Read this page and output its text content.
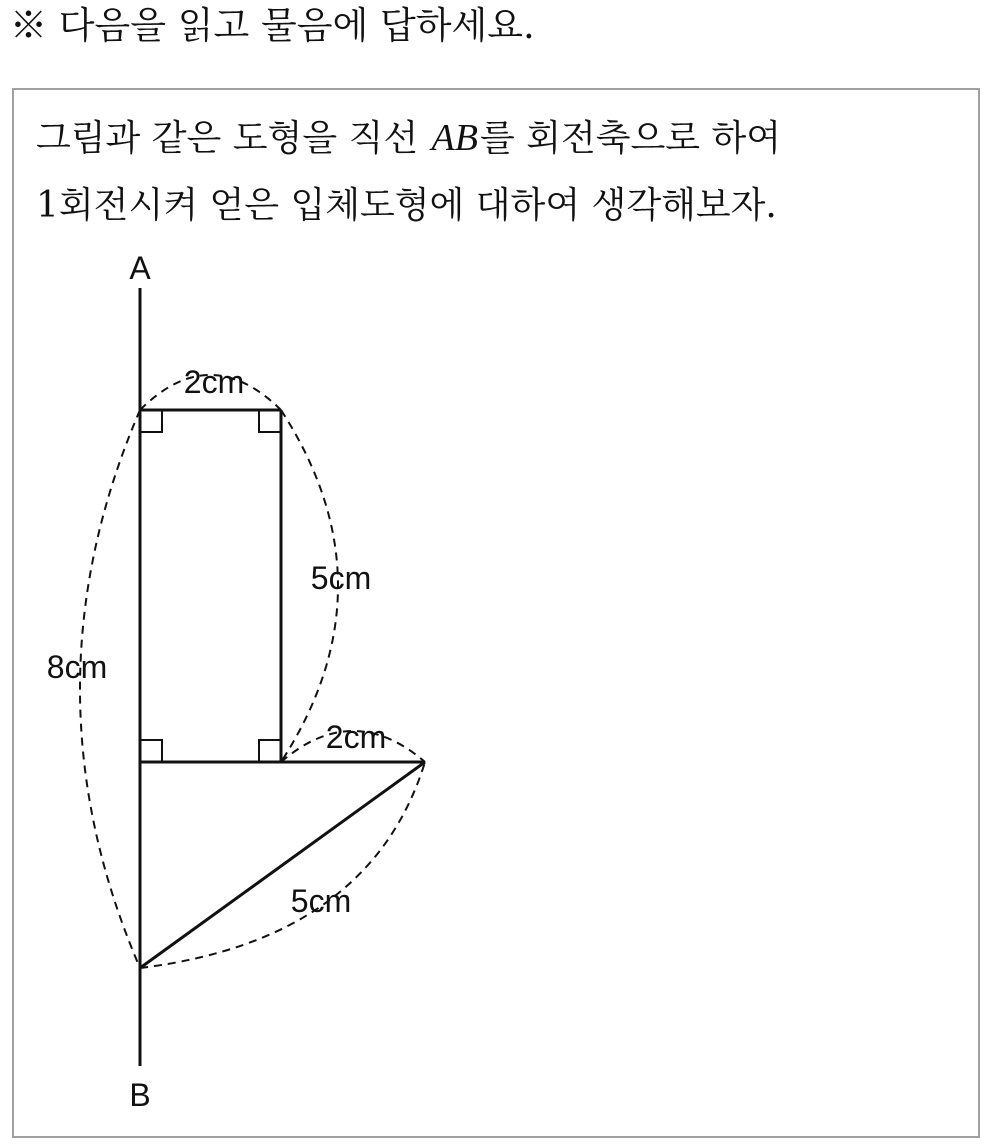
※ 다음을 읽고 물음에 답하세요.
그림과 같은 도형을 직선 AB를 회전축으로 하여
1회전시켜 얻은 입체도형에 대하여 생각해보자.
A
B
2cm
5cm
8cm
2cm
5cm
